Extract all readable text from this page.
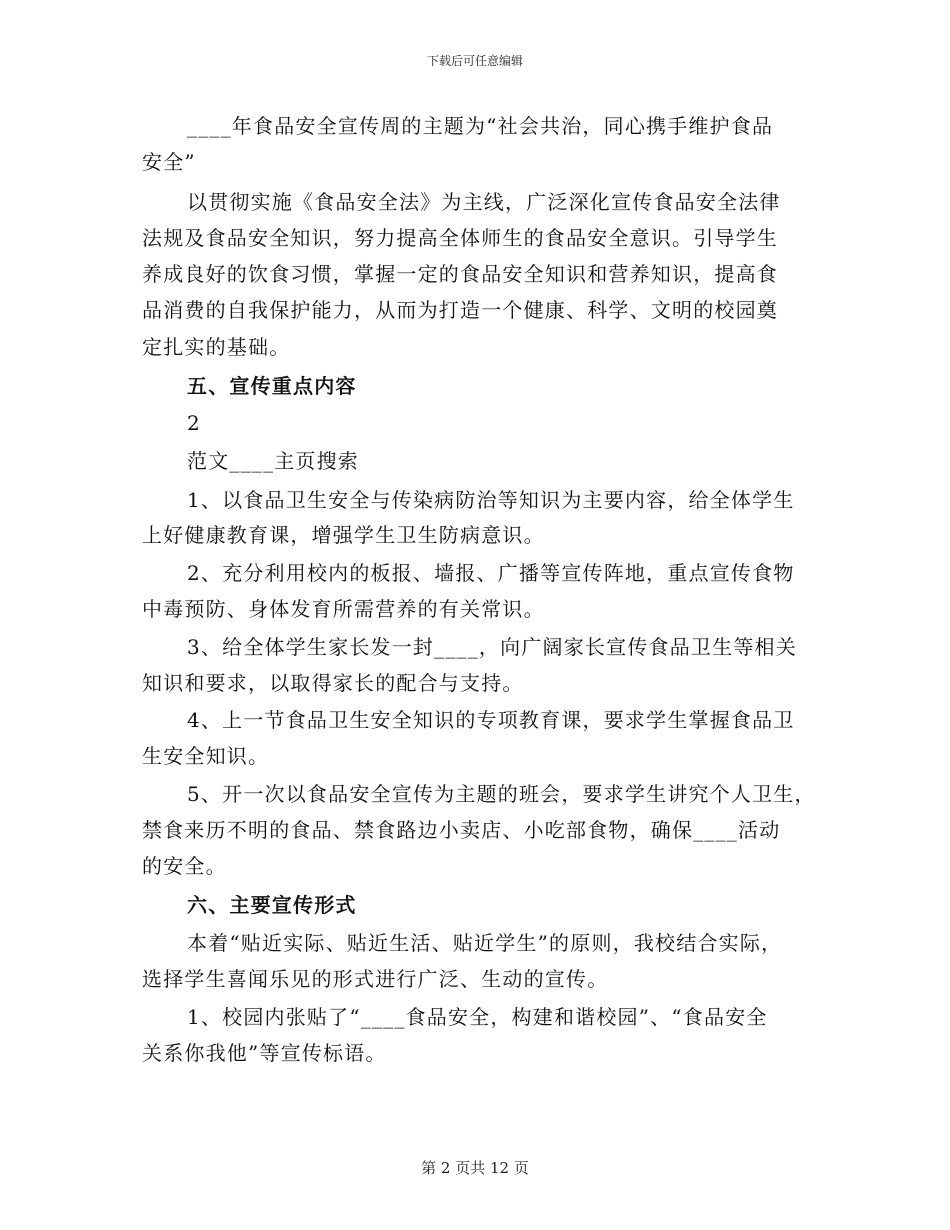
下载后可任意编辑
____年食品安全宣传周的主题为“社会共治，同心携手维护食品
安全”
以贯彻实施《食品安全法》为主线，广泛深化宣传食品安全法律
法规及食品安全知识，努力提高全体师生的食品安全意识。引导学生
养成良好的饮食习惯，掌握一定的食品安全知识和营养知识，提高食
品消费的自我保护能力，从而为打造一个健康、科学、文明的校园奠
定扎实的基础。
五、宣传重点内容
2
范文____主页搜索
1、以食品卫生安全与传染病防治等知识为主要内容，给全体学生
上好健康教育课，增强学生卫生防病意识。
2、充分利用校内的板报、墙报、广播等宣传阵地，重点宣传食物
中毒预防、身体发育所需营养的有关常识。
3、给全体学生家长发一封____，向广阔家长宣传食品卫生等相关
知识和要求，以取得家长的配合与支持。
4、上一节食品卫生安全知识的专项教育课，要求学生掌握食品卫
生安全知识。
5、开一次以食品安全宣传为主题的班会，要求学生讲究个人卫生，
禁食来历不明的食品、禁食路边小卖店、小吃部食物，确保____活动
的安全。
六、主要宣传形式
本着“贴近实际、贴近生活、贴近学生”的原则，我校结合实际，
选择学生喜闻乐见的形式进行广泛、生动的宣传。
1、校园内张贴了“____食品安全，构建和谐校园”、“食品安全
关系你我他”等宣传标语。
第 2 页共 12 页
